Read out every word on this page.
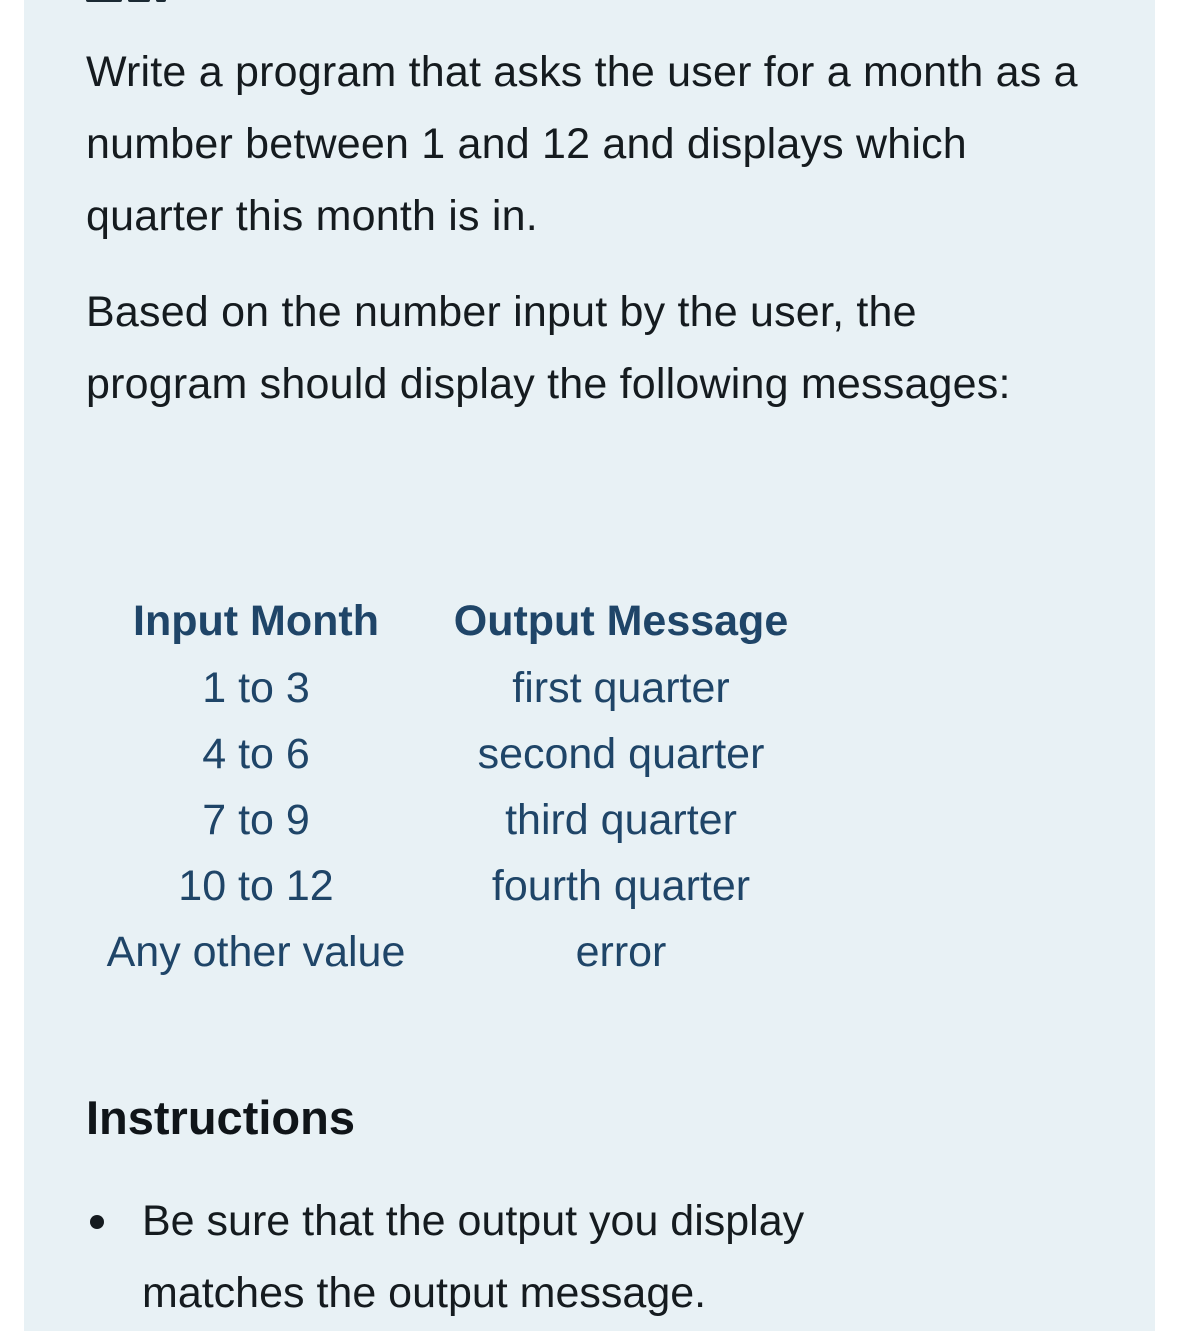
Write a program that asks the user for a month as a number between 1 and 12 and displays which quarter this month is in.

Based on the number input by the user, the program should display the following messages:

Input Month	Output Message
1 to 3	first quarter
4 to 6	second quarter
7 to 9	third quarter
10 to 12	fourth quarter
Any other value	error
Instructions
Be sure that the output you display matches the output message.
